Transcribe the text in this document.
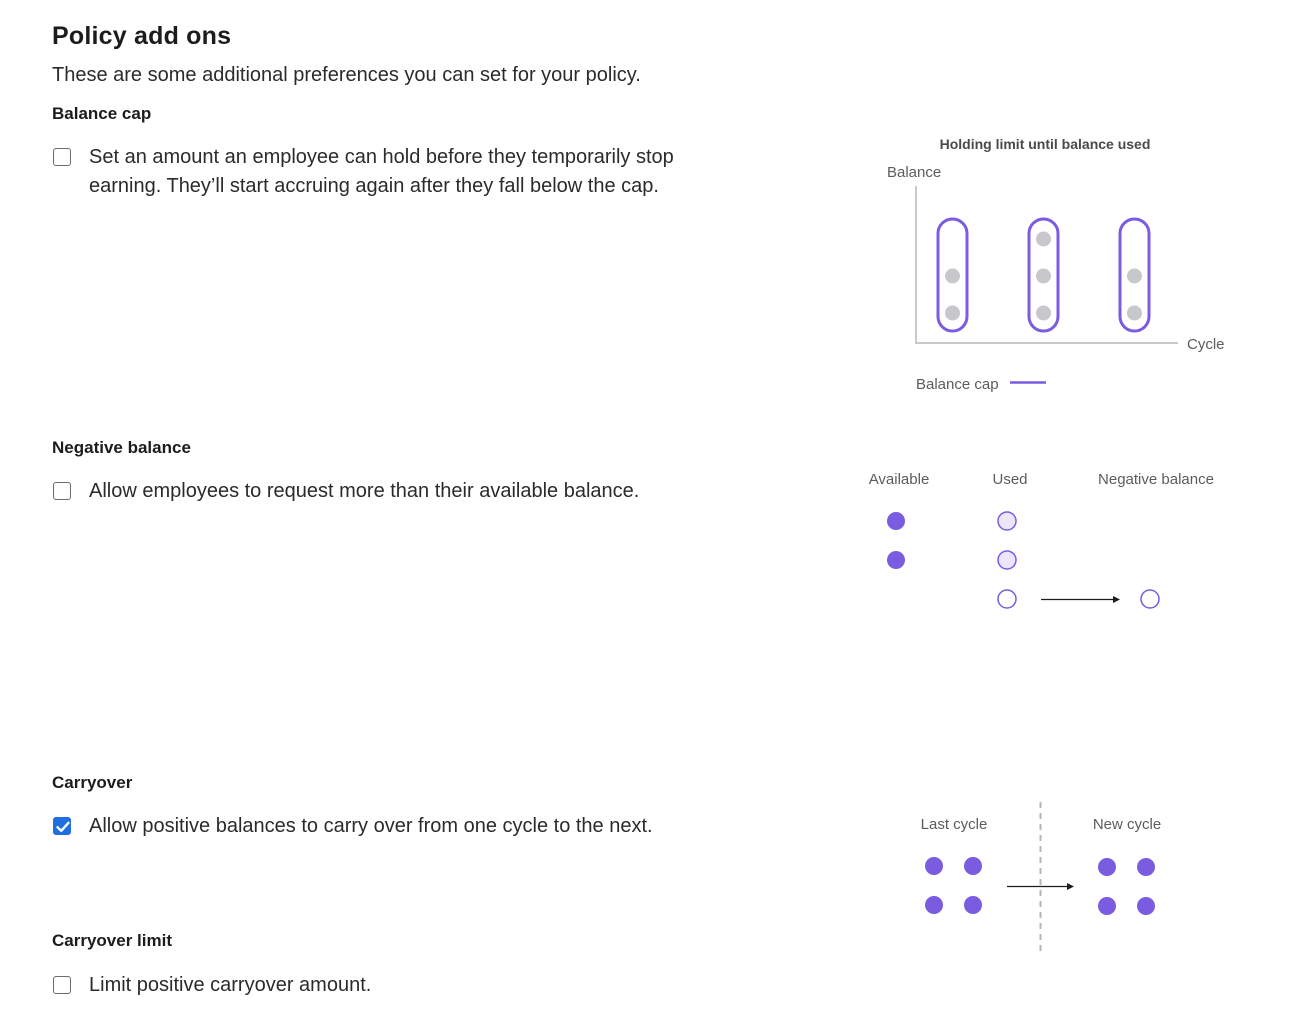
Policy add ons
These are some additional preferences you can set for your policy.
Balance cap
Set an amount an employee can hold before they temporarily stop
earning. They’ll start accruing again after they fall below the cap.
Holding limit until balance used
Balance
Cycle
Balance cap
Negative balance
Allow employees to request more than their available balance.
Available	Used	Negative balance
Carryover
Allow positive balances to carry over from one cycle to the next.	Last cycle	New cycle
Carryover limit
Limit positive carryover amount.
